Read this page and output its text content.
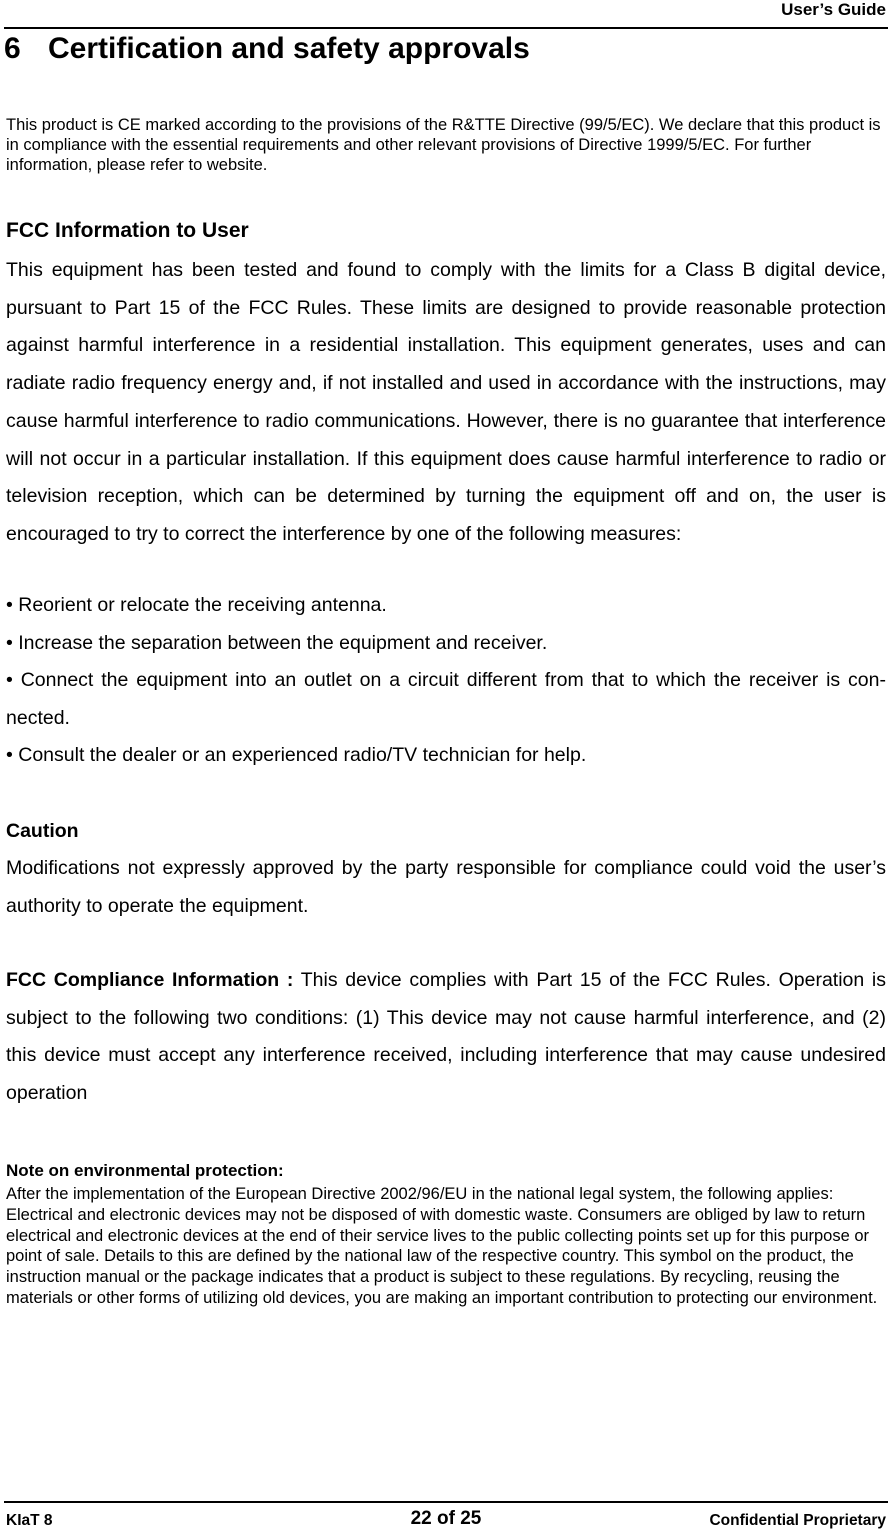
User’s Guide
6 Certification and safety approvals
This product is CE marked according to the provisions of the R&TTE Directive (99/5/EC). We declare that this product is in compliance with the essential requirements and other relevant provisions of Directive 1999/5/EC. For further information, please refer to website.
FCC Information to User
This equipment has been tested and found to comply with the limits for a Class B digital device, pursuant to Part 15 of the FCC Rules. These limits are designed to provide reasonable protection against harmful interference in a residential installation. This equipment generates, uses and can radiate radio frequency energy and, if not installed and used in accordance with the instructions, may cause harmful interference to radio communications. However, there is no guarantee that interference will not occur in a particular installation. If this equipment does cause harmful interference to radio or television reception, which can be determined by turning the equipment off and on, the user is encouraged to try to correct the interference by one of the following measures:
• Reorient or relocate the receiving antenna.
• Increase the separation between the equipment and receiver.
• Connect the equipment into an outlet on a circuit different from that to which the receiver is con-nected.
• Consult the dealer or an experienced radio/TV technician for help.
Caution
Modifications not expressly approved by the party responsible for compliance could void the user’s authority to operate the equipment.
FCC Compliance Information : This device complies with Part 15 of the FCC Rules. Operation is subject to the following two conditions: (1) This device may not cause harmful interference, and (2) this device must accept any interference received, including interference that may cause undesired operation
Note on environmental protection:
After the implementation of the European Directive 2002/96/EU in the national legal system, the following applies: Electrical and electronic devices may not be disposed of with domestic waste. Consumers are obliged by law to return electrical and electronic devices at the end of their service lives to the public collecting points set up for this purpose or point of sale. Details to this are defined by the national law of the respective country. This symbol on the product, the instruction manual or the package indicates that a product is subject to these regulations. By recycling, reusing the materials or other forms of utilizing old devices, you are making an important contribution to protecting our environment.
KIaT 8	22 of 25	Confidential Proprietary
